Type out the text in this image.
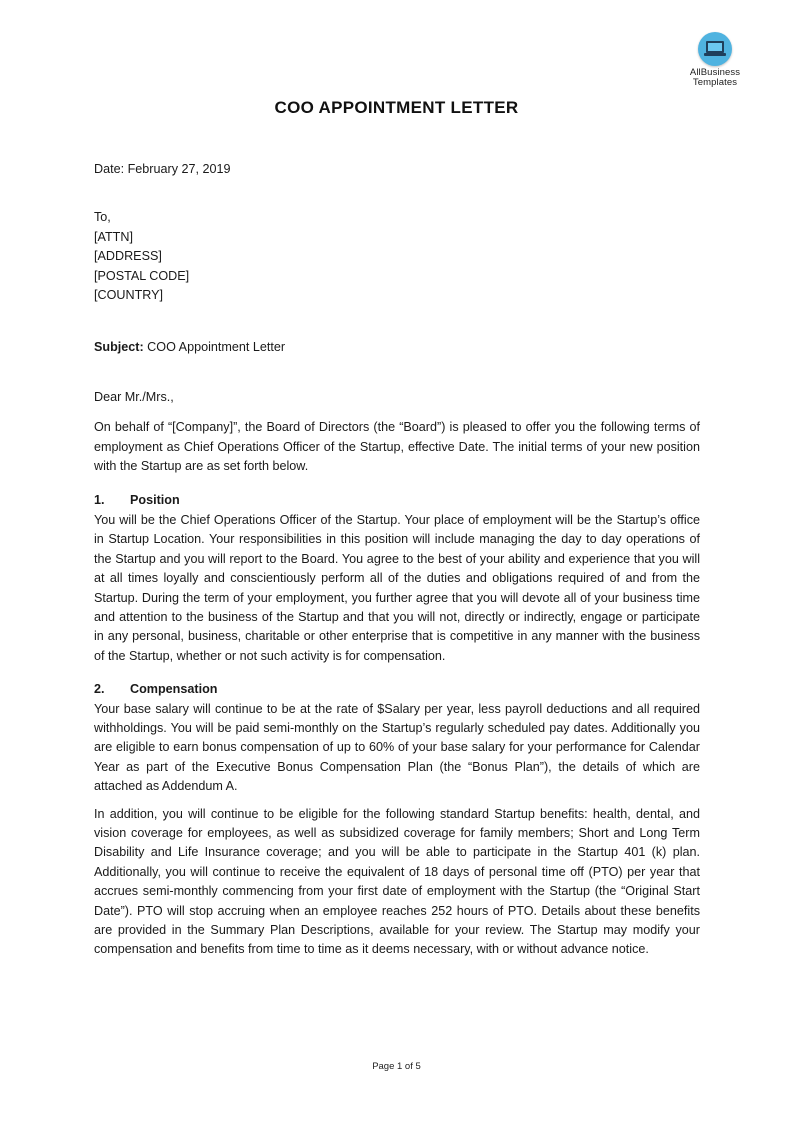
AllBusiness
Templates
COO APPOINTMENT LETTER

Date: February 27, 2019

To,

[ATTN]

[ADDRESS]

[POSTAL CODE]

[COUNTRY]

Subject: COO Appointment Letter

Dear Mr./Mrs.,

On behalf of “[Company]”, the Board of Directors (the “Board”) is pleased to offer you the following terms of employment as Chief Operations Officer of the Startup, effective Date. The initial terms of your new position with the Startup are as set forth below.

1. Position

You will be the Chief Operations Officer of the Startup. Your place of employment will be the Startup’s office in Startup Location. Your responsibilities in this position will include managing the day to day operations of the Startup and you will report to the Board. You agree to the best of your ability and experience that you will at all times loyally and conscientiously perform all of the duties and obligations required of and from the Startup. During the term of your employment, you further agree that you will devote all of your business time and attention to the business of the Startup and that you will not, directly or indirectly, engage or participate in any personal, business, charitable or other enterprise that is competitive in any manner with the business of the Startup, whether or not such activity is for compensation.

2. Compensation

Your base salary will continue to be at the rate of $Salary per year, less payroll deductions and all required withholdings. You will be paid semi-monthly on the Startup’s regularly scheduled pay dates. Additionally you are eligible to earn bonus compensation of up to 60% of your base salary for your performance for Calendar Year as part of the Executive Bonus Compensation Plan (the “Bonus Plan”), the details of which are attached as Addendum A.

In addition, you will continue to be eligible for the following standard Startup benefits: health, dental, and vision coverage for employees, as well as subsidized coverage for family members; Short and Long Term Disability and Life Insurance coverage; and you will be able to participate in the Startup 401 (k) plan. Additionally, you will continue to receive the equivalent of 18 days of personal time off (PTO) per year that accrues semi-monthly commencing from your first date of employment with the Startup (the “Original Start Date”). PTO will stop accruing when an employee reaches 252 hours of PTO. Details about these benefits are provided in the Summary Plan Descriptions, available for your review. The Startup may modify your compensation and benefits from time to time as it deems necessary, with or without advance notice.

Page 1 of 5
